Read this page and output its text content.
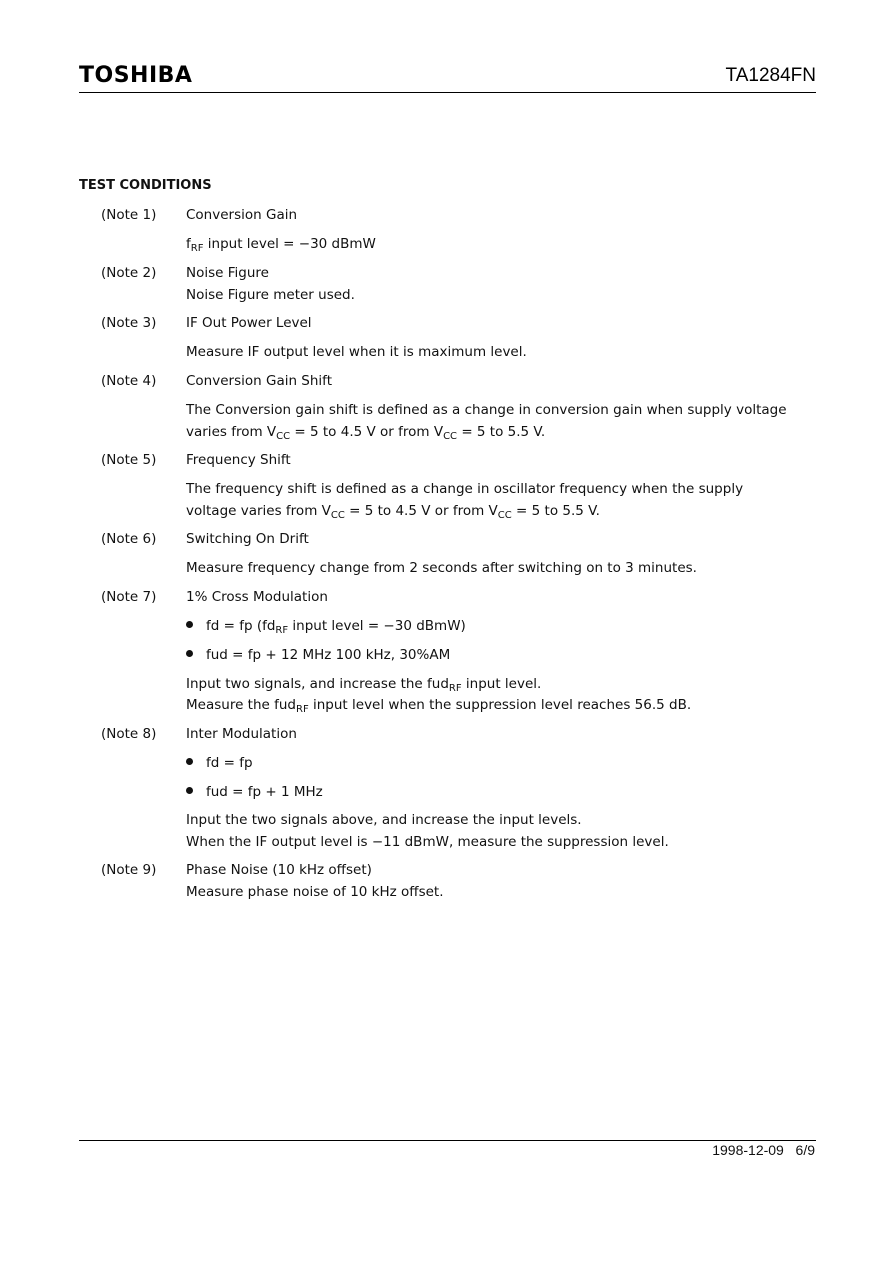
TOSHIBA	TA1284FN
TEST CONDITIONS
(Note 1) Conversion Gain
$f_{RF}$ input level = −30 dBmW
(Note 2) Noise Figure
Noise Figure meter used.
(Note 3) IF Out Power Level
Measure IF output level when it is maximum level.
(Note 4) Conversion Gain Shift
The Conversion gain shift is defined as a change in conversion gain when supply voltage
varies from $V_{CC} = 5$ to 4.5 V or from $V_{CC} = 5$ to 5.5 V.
(Note 5) Frequency Shift
The frequency shift is defined as a change in oscillator frequency when the supply
voltage varies from $V_{CC} = 5$ to 4.5 V or from $V_{CC} = 5$ to 5.5 V.
(Note 6) Switching On Drift
Measure frequency change from 2 seconds after switching on to 3 minutes.
(Note 7) 1% Cross Modulation
fd = fp ($fd_{RF}$ input level = −30 dBmW)
fud = fp + 12 MHz 100 kHz, 30%AM
Input two signals, and increase the fud$_{RF}$ input level.
Measure the fud$_{RF}$ input level when the suppression level reaches 56.5 dB.
(Note 8) Inter Modulation
fd = fp
fud = fp + 1 MHz
Input the two signals above, and increase the input levels.
When the IF output level is −11 dBmW, measure the suppression level.
(Note 9) Phase Noise (10 kHz offset)
Measure phase noise of 10 kHz offset.
1998-12-09 6/9
